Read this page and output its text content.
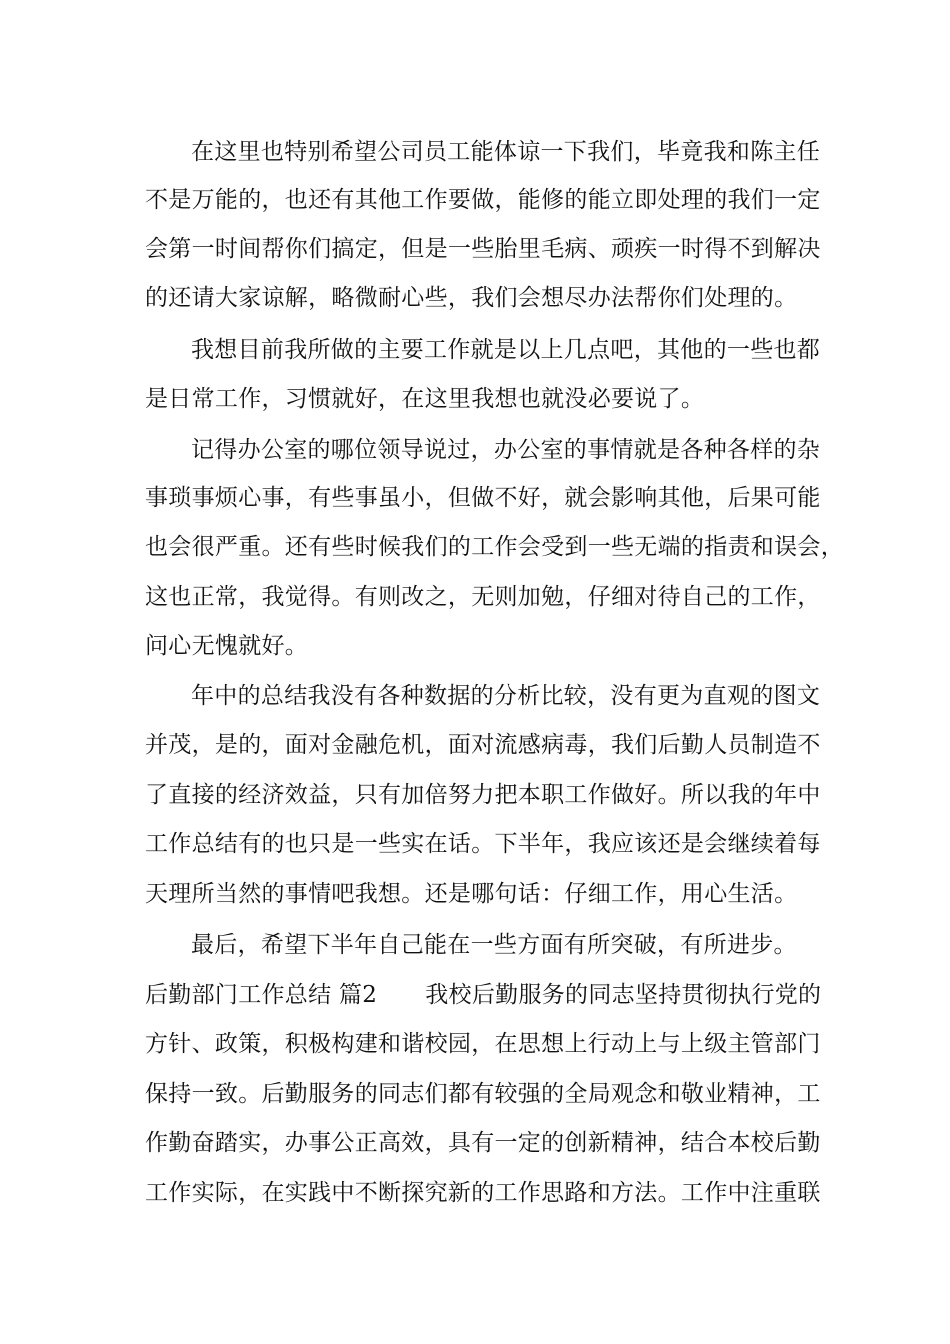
在这里也特别希望公司员工能体谅一下我们，毕竟我和陈主任
不是万能的，也还有其他工作要做，能修的能立即处理的我们一定
会第一时间帮你们搞定，但是一些胎里毛病、顽疾一时得不到解决
的还请大家谅解，略微耐心些，我们会想尽办法帮你们处理的。
我想目前我所做的主要工作就是以上几点吧，其他的一些也都
是日常工作，习惯就好，在这里我想也就没必要说了。
记得办公室的哪位领导说过，办公室的事情就是各种各样的杂
事琐事烦心事，有些事虽小，但做不好，就会影响其他，后果可能
也会很严重。还有些时候我们的工作会受到一些无端的指责和误会，
这也正常，我觉得。有则改之，无则加勉，仔细对待自己的工作，
问心无愧就好。
年中的总结我没有各种数据的分析比较，没有更为直观的图文
并茂，是的，面对金融危机，面对流感病毒，我们后勤人员制造不
了直接的经济效益，只有加倍努力把本职工作做好。所以我的年中
工作总结有的也只是一些实在话。下半年，我应该还是会继续着每
天理所当然的事情吧我想。还是哪句话：仔细工作，用心生活。
最后，希望下半年自己能在一些方面有所突破，有所进步。
后勤部门工作总结 篇2 我校后勤服务的同志坚持贯彻执行党的
方针、政策，积极构建和谐校园，在思想上行动上与上级主管部门
保持一致。后勤服务的同志们都有较强的全局观念和敬业精神，工
作勤奋踏实，办事公正高效，具有一定的创新精神，结合本校后勤
工作实际，在实践中不断探究新的工作思路和方法。工作中注重联
